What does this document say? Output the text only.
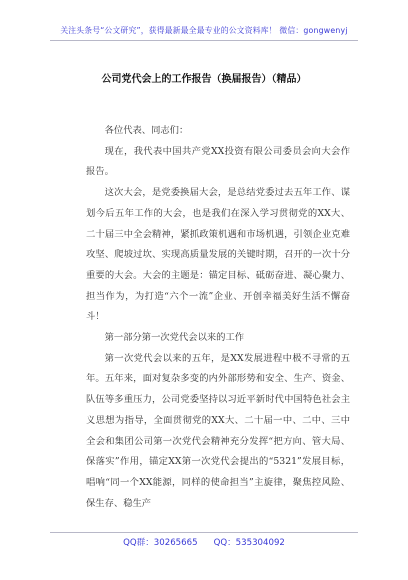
关注头条号“公文研究”，获得最新最全最专业的公文资料库！ 微信：gongwenyj
公司党代会上的工作报告（换届报告）（精品）

各位代表、同志们：

现在，我代表中国共产党XX投资有限公司委员会向大会作报告。

这次大会，是党委换届大会，是总结党委过去五年工作、谋划今后五年工作的大会，也是我们在深入学习贯彻党的XX大、二十届三中全会精神，紧抓政策机遇和市场机遇，引领企业克难攻坚、爬坡过坎、实现高质量发展的关键时期，召开的一次十分重要的大会。大会的主题是：锚定目标、砥砺奋进、凝心聚力、担当作为，为打造“六个一流”企业、开创幸福美好生活不懈奋斗！

第一部分第一次党代会以来的工作

第一次党代会以来的五年，是XX发展进程中极不寻常的五年。五年来，面对复杂多变的内外部形势和安全、生产、资金、队伍等多重压力，公司党委坚持以习近平新时代中国特色社会主义思想为指导，全面贯彻党的XX大、二十届一中、二中、三中全会和集团公司第一次党代会精神充分发挥“把方向、管大局、保落实”作用，锚定XX第一次党代会提出的“5321”发展目标，唱响“同一个XX能源，同样的使命担当”主旋律，聚焦控风险、保生存、稳生产

QQ群：30265665 QQ：535304092
